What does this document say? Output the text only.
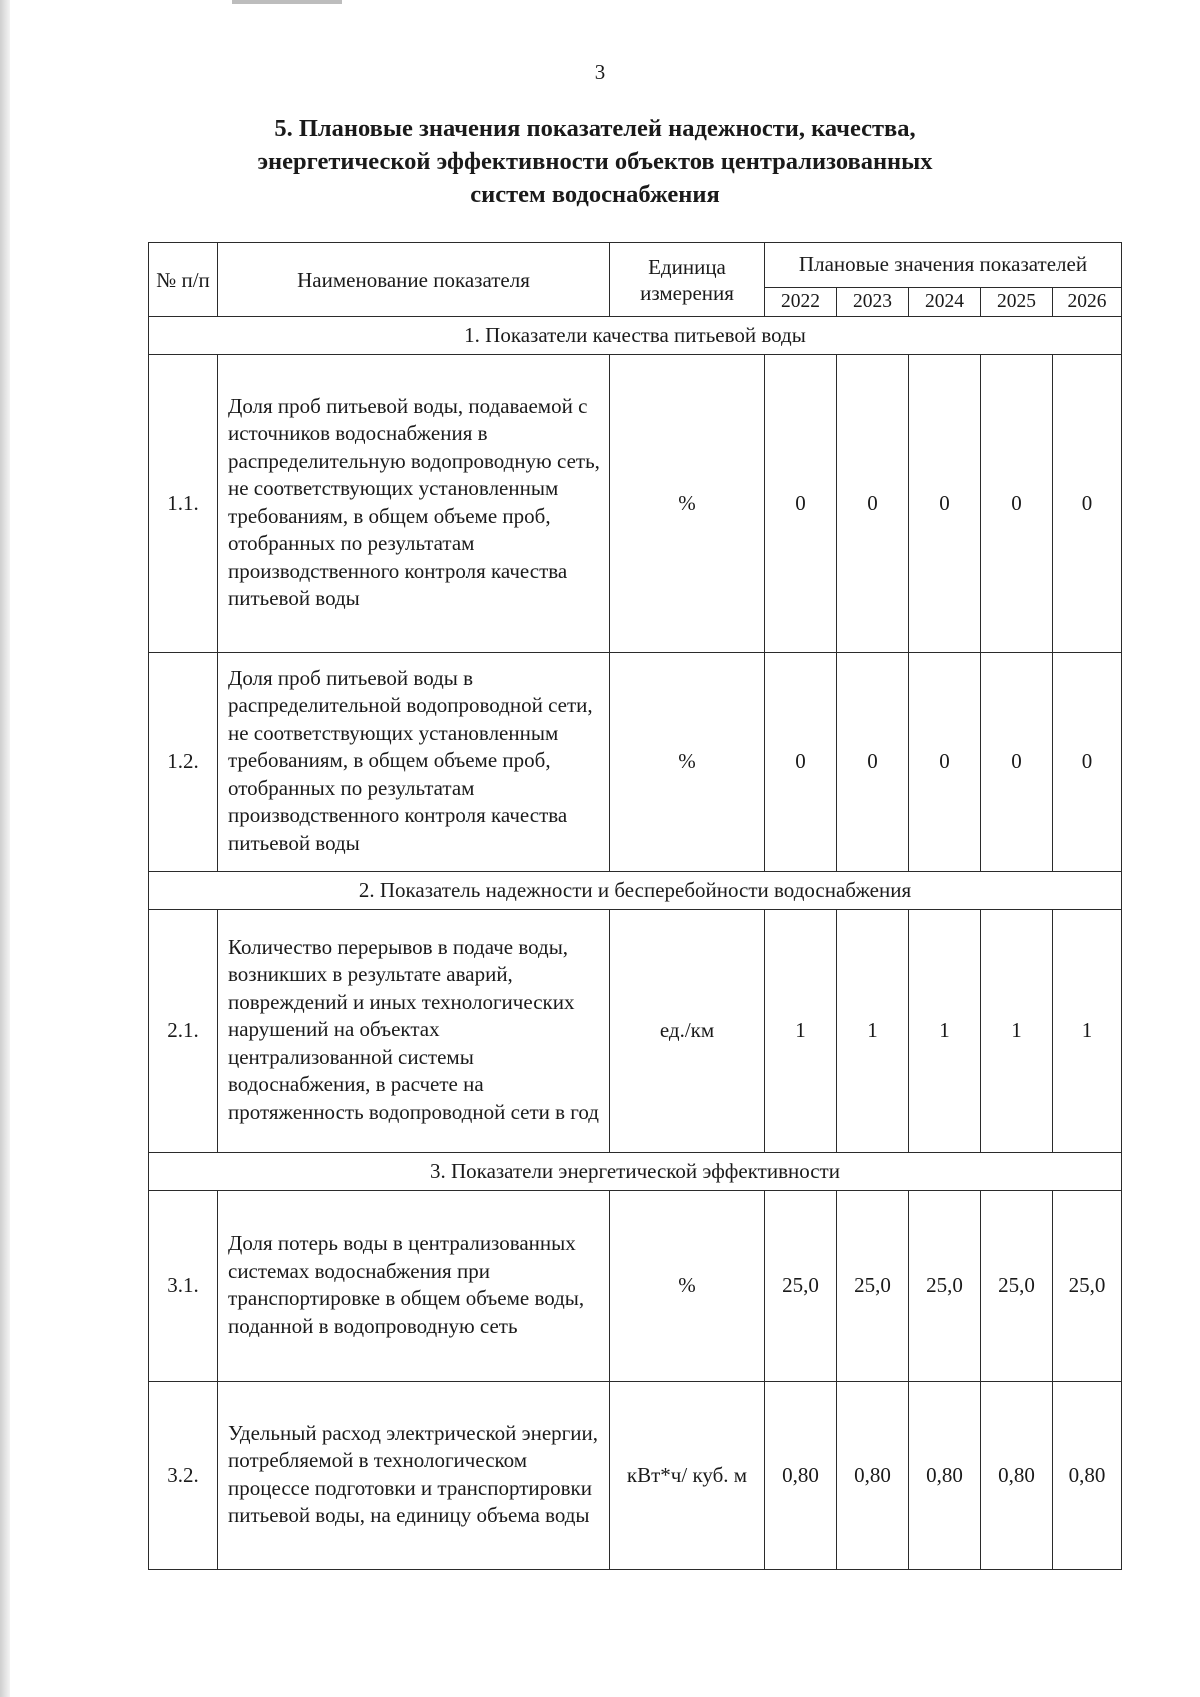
3
5. Плановые значения показателей надежности, качества,
энергетической эффективности объектов централизованных
систем водоснабжения
№ п/п	Наименование показателя	Единица измерения	Плановые значения показателей				
			2022	2023	2024	2025	2026
1. Показатели качества питьевой воды							
1.1.	Доля проб питьевой воды, подаваемой с источников водоснабжения в распределительную водопроводную сеть, не соответствующих установленным требованиям, в общем объеме проб, отобранных по результатам производственного контроля качества питьевой воды	%	0	0	0	0	0
1.2.	Доля проб питьевой воды в распределительной водопроводной сети, не соответствующих установленным требованиям, в общем объеме проб, отобранных по результатам производственного контроля качества питьевой воды	%	0	0	0	0	0
2. Показатель надежности и бесперебойности водоснабжения							
2.1.	Количество перерывов в подаче воды, возникших в результате аварий, повреждений и иных технологических нарушений на объектах централизованной системы водоснабжения, в расчете на протяженность водопроводной сети в год	ед./км	1	1	1	1	1
3. Показатели энергетической эффективности							
3.1.	Доля потерь воды в централизованных системах водоснабжения при транспортировке в общем объеме воды, поданной в водопроводную сеть	%	25,0	25,0	25,0	25,0	25,0
3.2.	Удельный расход электрической энергии, потребляемой в технологическом процессе подготовки и транспортировки питьевой воды, на единицу объема воды	кВт*ч/ куб. м	0,80	0,80	0,80	0,80	0,80
